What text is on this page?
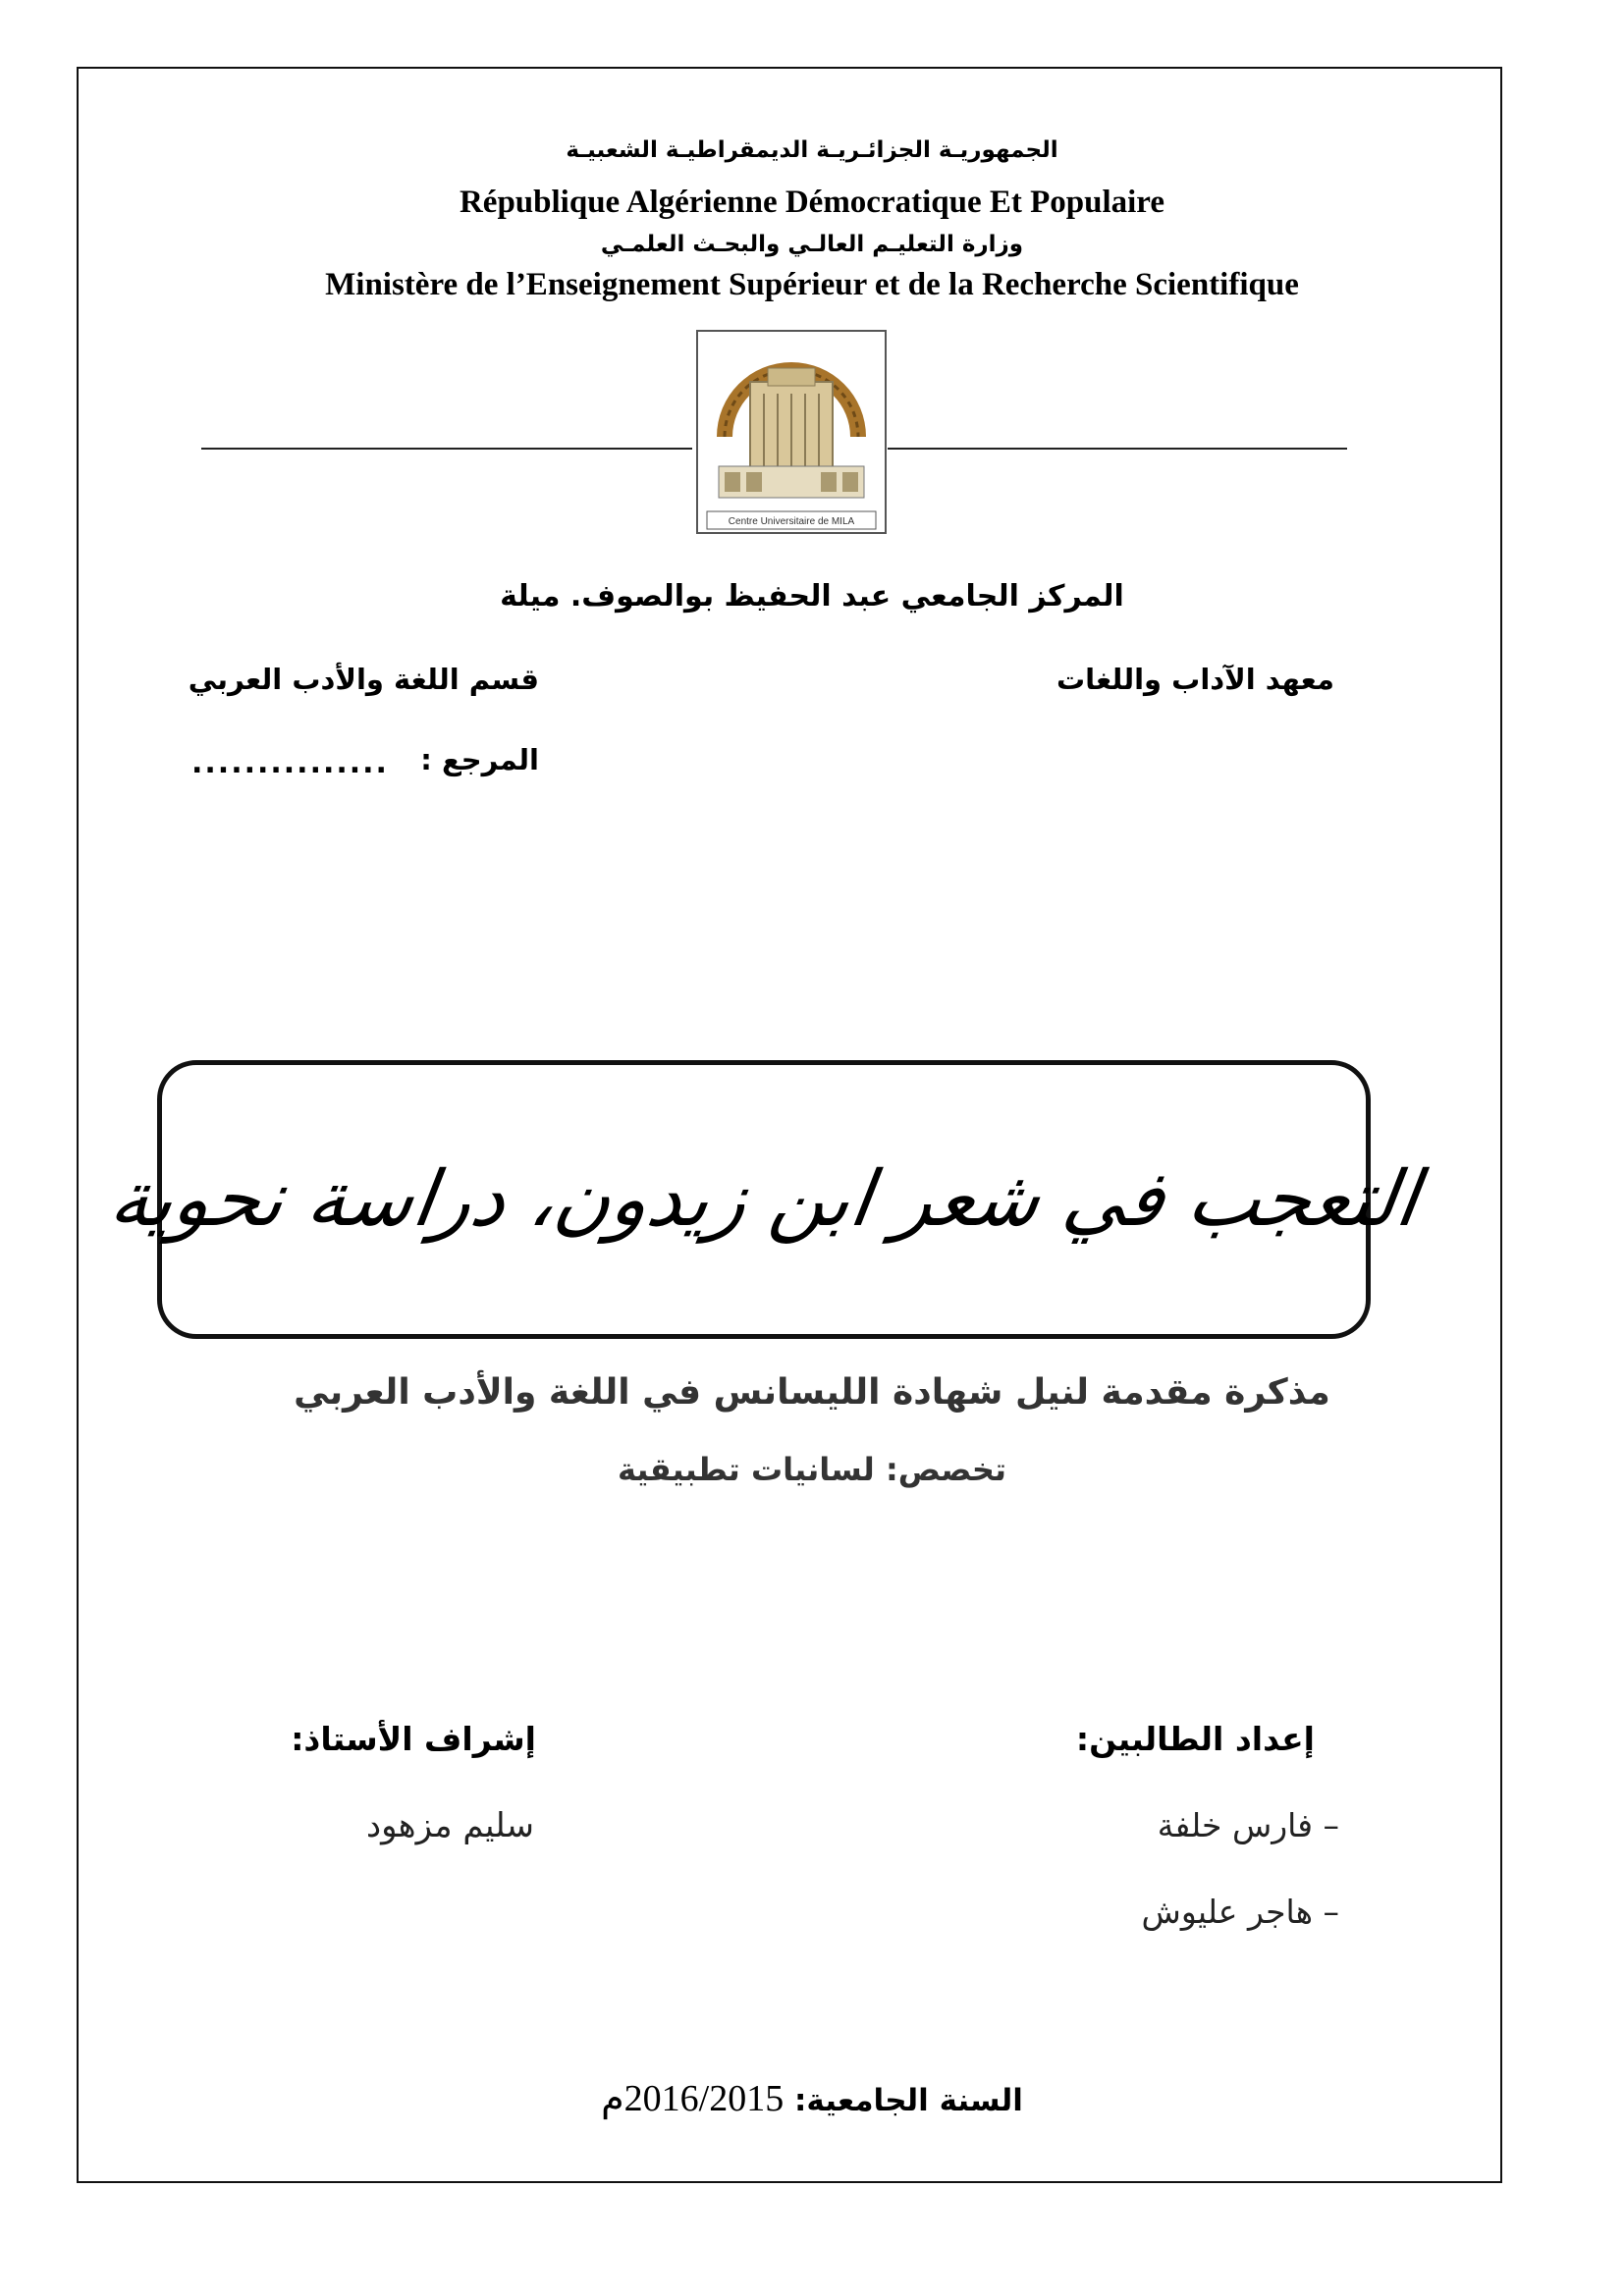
الجمهوريـة الجزائـريـة الديمقراطيـة الشعبيـة
République Algérienne Démocratique Et Populaire
وزارة التعليـم العالـي والبحـث العلمـي
Ministère de l’Enseignement Supérieur et de la Recherche Scientifique
Centre Universitaire de MILA
المركز الجامعي عبد الحفيظ بوالصوف. ميلة
معهد الآداب واللغات
قسم اللغة والأدب العربي
المرجع :
...............
التعجب في شعر ابن زيدون، دراسة نحوية
مذكرة مقدمة لنيل شهادة الليسانس في اللغة والأدب العربي
تخصص: لسانيات تطبيقية
إعداد الطالبين:
إشراف الأستاذ:
– فارس خلفة
– هاجر عليوش
سليم مزهود
السنة الجامعية: 2016/2015م
